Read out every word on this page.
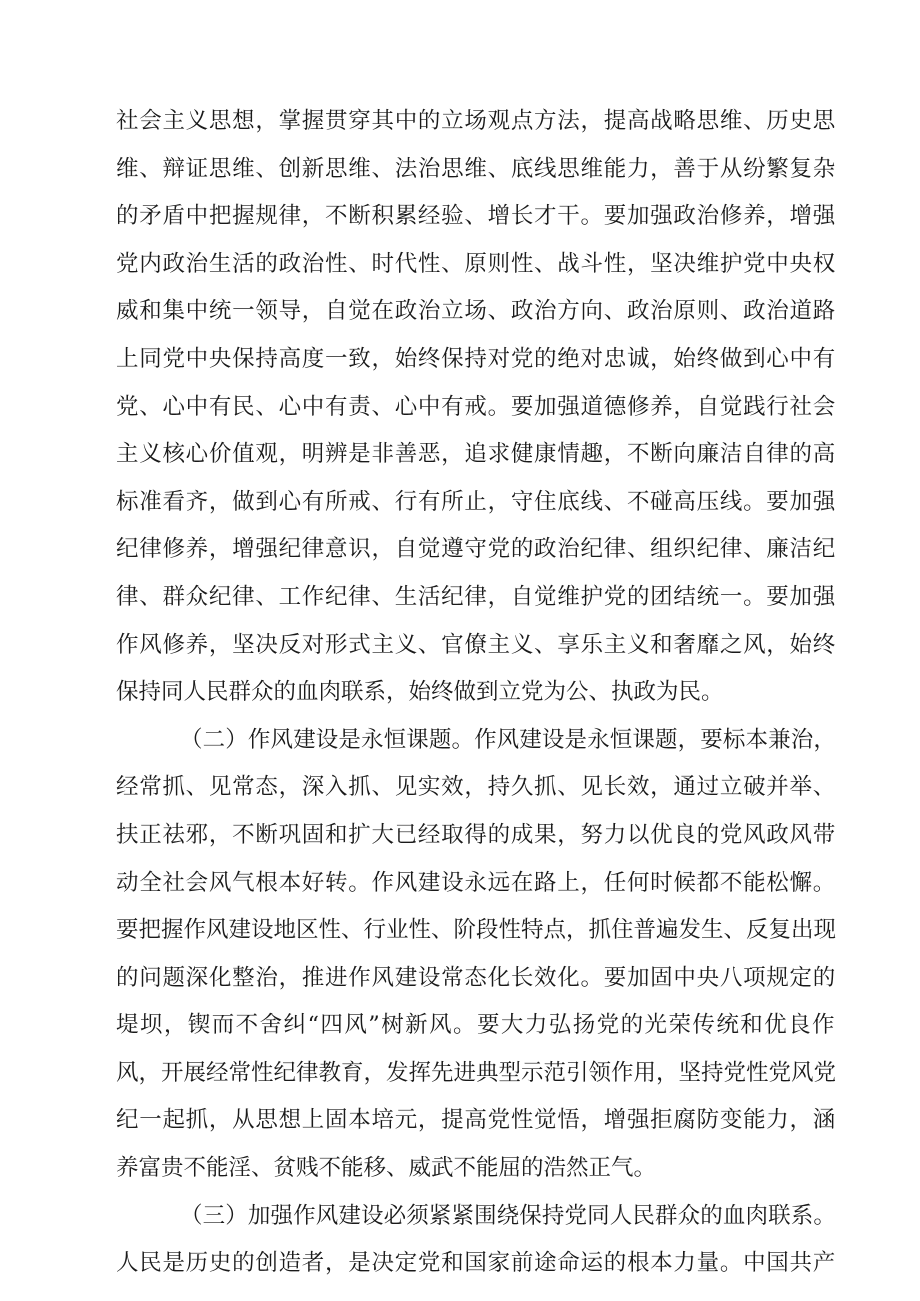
社会主义思想，掌握贯穿其中的立场观点方法，提高战略思维、历史思
维、辩证思维、创新思维、法治思维、底线思维能力，善于从纷繁复杂
的矛盾中把握规律，不断积累经验、增长才干。要加强政治修养，增强
党内政治生活的政治性、时代性、原则性、战斗性，坚决维护党中央权
威和集中统一领导，自觉在政治立场、政治方向、政治原则、政治道路
上同党中央保持高度一致，始终保持对党的绝对忠诚，始终做到心中有
党、心中有民、心中有责、心中有戒。要加强道德修养，自觉践行社会
主义核心价值观，明辨是非善恶，追求健康情趣，不断向廉洁自律的高
标准看齐，做到心有所戒、行有所止，守住底线、不碰高压线。要加强
纪律修养，增强纪律意识，自觉遵守党的政治纪律、组织纪律、廉洁纪
律、群众纪律、工作纪律、生活纪律，自觉维护党的团结统一。要加强
作风修养，坚决反对形式主义、官僚主义、享乐主义和奢靡之风，始终
保持同人民群众的血肉联系，始终做到立党为公、执政为民。
（二）作风建设是永恒课题。作风建设是永恒课题，要标本兼治，
经常抓、见常态，深入抓、见实效，持久抓、见长效，通过立破并举、
扶正祛邪，不断巩固和扩大已经取得的成果，努力以优良的党风政风带
动全社会风气根本好转。作风建设永远在路上，任何时候都不能松懈。
要把握作风建设地区性、行业性、阶段性特点，抓住普遍发生、反复出现
的问题深化整治，推进作风建设常态化长效化。要加固中央八项规定的
堤坝，锲而不舍纠“四风”树新风。要大力弘扬党的光荣传统和优良作
风，开展经常性纪律教育，发挥先进典型示范引领作用，坚持党性党风党
纪一起抓，从思想上固本培元，提高党性觉悟，增强拒腐防变能力，涵
养富贵不能淫、贫贱不能移、威武不能屈的浩然正气。
（三）加强作风建设必须紧紧围绕保持党同人民群众的血肉联系。
人民是历史的创造者，是决定党和国家前途命运的根本力量。中国共产
